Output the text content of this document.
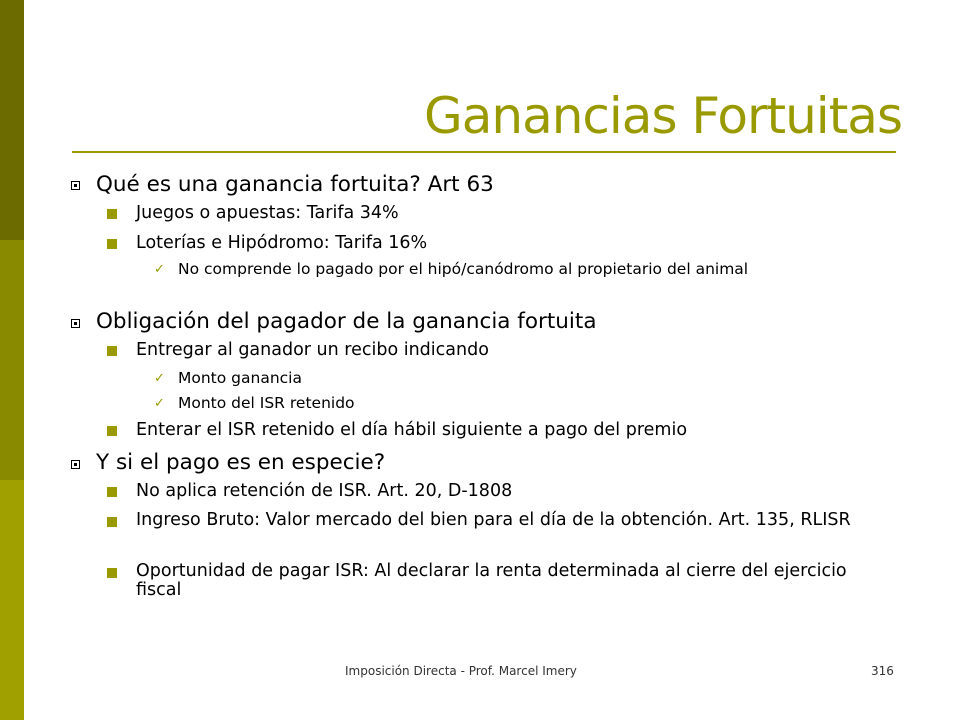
Ganancias Fortuitas
Qué es una ganancia fortuita? Art 63
Juegos o apuestas: Tarifa 34%
Loterías e Hipódromo: Tarifa 16%
✓ No comprende lo pagado por el hipó/canódromo al propietario del animal
Obligación del pagador de la ganancia fortuita
Entregar al ganador un recibo indicando
✓ Monto ganancia
✓ Monto del ISR retenido
Enterar el ISR retenido el día hábil siguiente a pago del premio
Y si el pago es en especie?
No aplica retención de ISR. Art. 20, D-1808
Ingreso Bruto: Valor mercado del bien para el día de la obtención. Art. 135, RLISR
Oportunidad de pagar ISR: Al declarar la renta determinada al cierre del ejercicio fiscal
Imposición Directa - Prof. Marcel Imery	316
